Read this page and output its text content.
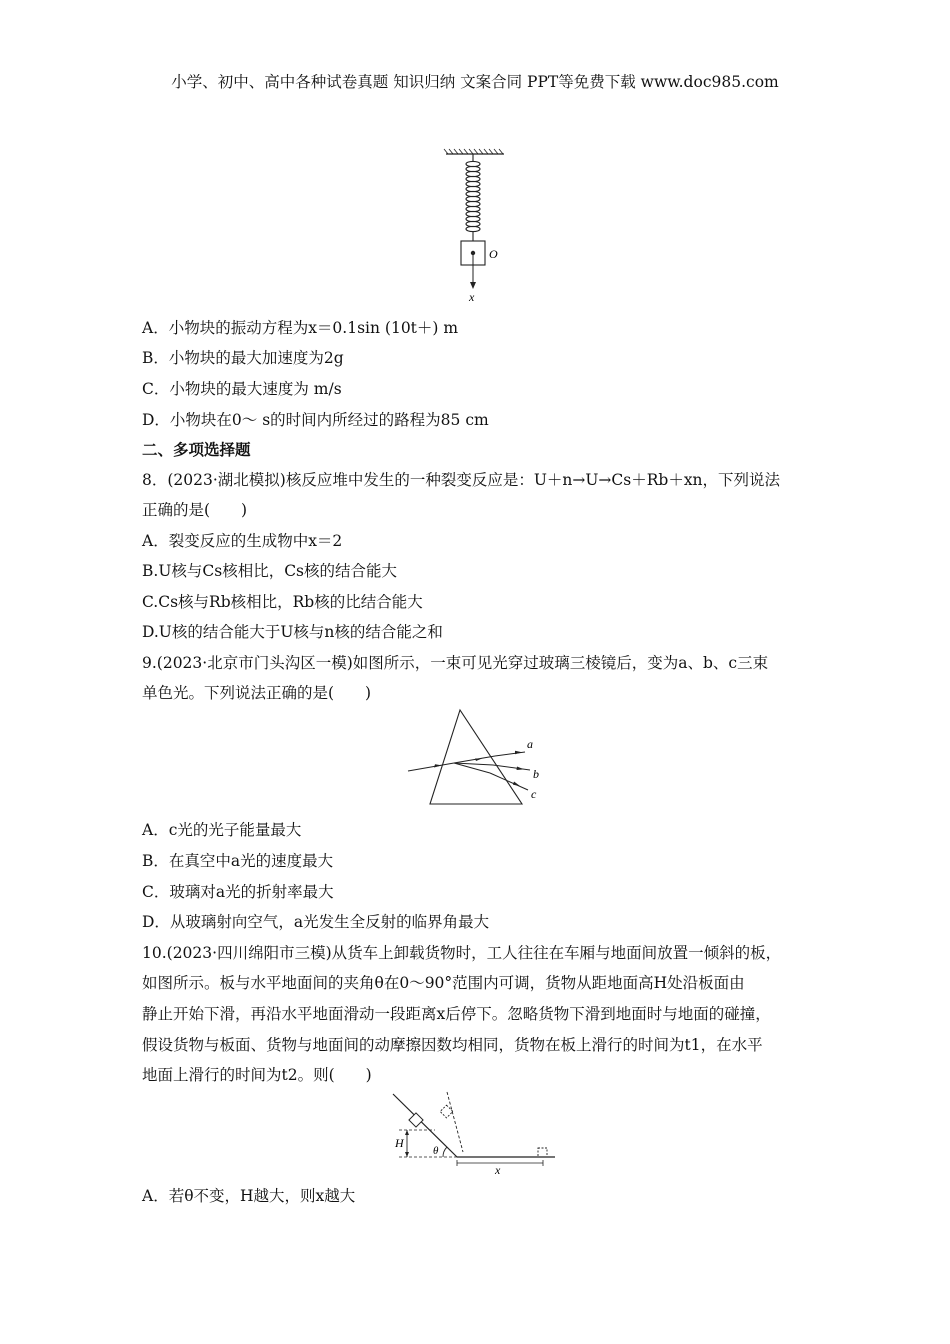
小学、初中、高中各种试卷真题 知识归纳 文案合同 PPT等免费下载 www.doc985.com
O
x
A．小物块的振动方程为x＝0.1sin (10t＋) m
B．小物块的最大加速度为2g
C．小物块的最大速度为 m/s
D．小物块在0～ s的时间内所经过的路程为85 cm
二、多项选择题
8．(2023·湖北模拟)核反应堆中发生的一种裂变反应是：U＋n→U→Cs＋Rb＋xn，下列说法
正确的是(　　)
A．裂变反应的生成物中x＝2
B.U核与Cs核相比，Cs核的结合能大
C.Cs核与Rb核相比，Rb核的比结合能大
D.U核的结合能大于U核与n核的结合能之和
9.(2023·北京市门头沟区一模)如图所示，一束可见光穿过玻璃三棱镜后，变为a、b、c三束
单色光。下列说法正确的是(　　)
a
b
c
A．c光的光子能量最大
B．在真空中a光的速度最大
C．玻璃对a光的折射率最大
D．从玻璃射向空气，a光发生全反射的临界角最大
10.(2023·四川绵阳市三模)从货车上卸载货物时，工人往往在车厢与地面间放置一倾斜的板，
如图所示。板与水平地面间的夹角θ在0～90°范围内可调，货物从距地面高H处沿板面由
静止开始下滑，再沿水平地面滑动一段距离x后停下。忽略货物下滑到地面时与地面的碰撞，
假设货物与板面、货物与地面间的动摩擦因数均相同，货物在板上滑行的时间为t1，在水平
地面上滑行的时间为t2。则(　　)
H
θ
x
A．若θ不变，H越大，则x越大
